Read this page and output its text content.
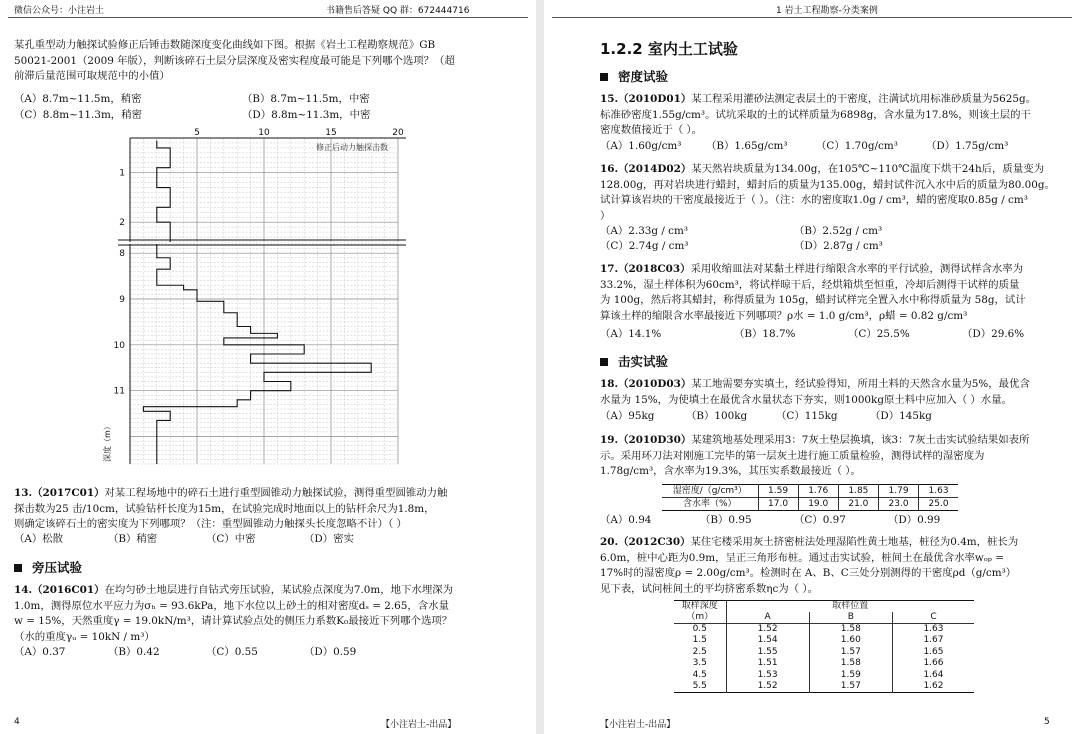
微信公众号：小注岩土	书籍售后答疑 QQ 群：672444716
某孔重型动力触探试验修正后锤击数随深度变化曲线如下图。根据《岩土工程勘察规范》GB
50021-2001（2009 年版），判断该碎石土层分层深度及密实程度最可能是下列哪个选项？（超
前滞后量范围可取规范中的小值）
（A）8.7m~11.5m，稍密	（B）8.7m~11.5m，中密
（C）8.8m~11.3m，稍密	（D）8.8m~11.3m，中密
5	10	15	20
1
2
8
9
10
11
修正后动力触探击数
深度（m）
13.（2017C01）对某工程场地中的碎石土进行重型圆锥动力触探试验，测得重型圆锥动力触
探击数为25 击/10cm，试验钻杆长度为15m，在试验完成时地面以上的钻杆余尺为1.8m，
则确定该碎石土的密实度为下列哪项？（注：重型圆锥动力触探头长度忽略不计）（ ）
（A）松散	（B）稍密	（C）中密	（D）密实
旁压试验
14.（2016C01）在均匀砂土地层进行自钻式旁压试验，某试验点深度为7.0m，地下水埋深为
1.0m，测得原位水平应力为σₕ = 93.6kPa，地下水位以上砂土的相对密度dₛ = 2.65，含水量
w = 15%，天然重度γ = 19.0kN/m³，请计算试验点处的侧压力系数K₀最接近下列哪个选项？
（水的重度γᵤ = 10kN / m³）
（A）0.37	（B）0.42	（C）0.55	（D）0.59
4	【小注岩土-出品】
1 岩土工程勘察-分类案例
1.2.2 室内土工试验
密度试验
15.（2010D01）某工程采用灌砂法测定表层土的干密度，注满试坑用标准砂质量为5625g。
标准砂密度1.55g/cm³。试坑采取的土的试样质量为6898g，含水量为17.8%，则该土层的干
密度数值接近于（ ）。
（A）1.60g/cm³ （B）1.65g/cm³	（C）1.70g/cm³	（D）1.75g/cm³
16.（2014D02）某天然岩块质量为134.00g，在105℃~110℃温度下烘干24h后，质量变为
128.00g，再对岩块进行蜡封，蜡封后的质量为135.00g，蜡封试件沉入水中后的质量为80.00g。
试计算该岩块的干密度最接近于（ ）。（注：水的密度取1.0g / cm³，蜡的密度取0.85g / cm³
）
（A）2.33g / cm³	（B）2.52g / cm³
（C）2.74g / cm³	（D）2.87g / cm³
17.（2018C03）采用收缩皿法对某黏土样进行缩限含水率的平行试验，测得试样含水率为
33.2%，湿土样体积为60cm³，将试样晾干后，经烘箱烘至恒重，冷却后测得干试样的质量
为 100g，然后将其蜡封，称得质量为 105g，蜡封试样完全置入水中称得质量为 58g，试计
算该土样的缩限含水率最接近下列哪项？ρ水 = 1.0 g/cm³，ρ蜡 = 0.82 g/cm³
（A）14.1%	（B）18.7%	（C）25.5%	（D）29.6%
击实试验
18.（2010D03）某工地需要夯实填土，经试验得知，所用土料的天然含水量为5%，最优含
水量为 15%，为使填土在最优含水量状态下夯实，则1000kg原土料中应加入（ ）水量。
（A）95kg	（B）100kg	（C）115kg	（D）145kg
19.（2010D30）某建筑地基处理采用3：7灰土垫层换填，该3：7灰土击实试验结果如表所
示。采用环刀法对刚施工完毕的第一层灰土进行施工质量检验，测得试样的湿密度为
1.78g/cm³，含水率为19.3%，其压实系数最接近（ ）。
湿密度/（g/cm³）	1.59	1.76	1.85	1.79	1.63
含水率（%）	17.0	19.0	21.0	23.0	25.0
（A）0.94	（B）0.95	（C）0.97	（D）0.99
20.（2012C30）某住宅楼采用灰土挤密桩法处理湿陷性黄土地基，桩径为0.4m，桩长为
6.0m，桩中心距为0.9m，呈正三角形布桩。通过击实试验，桩间土在最优含水率wₒₚ =
17%时的湿密度ρ = 2.00g/cm³。检测时在 A、B、C三处分别测得的干密度ρd（g/cm³）
见下表，试问桩间土的平均挤密系数ηc为（ ）。
取样深度	取样位置		
（m）	A	B	C
0.5	1.52	1.58	1.63
1.5	1.54	1.60	1.67
2.5	1.55	1.57	1.65
3.5	1.51	1.58	1.66
4.5	1.53	1.59	1.64
5.5	1.52	1.57	1.62
【小注岩土-出品】	5
